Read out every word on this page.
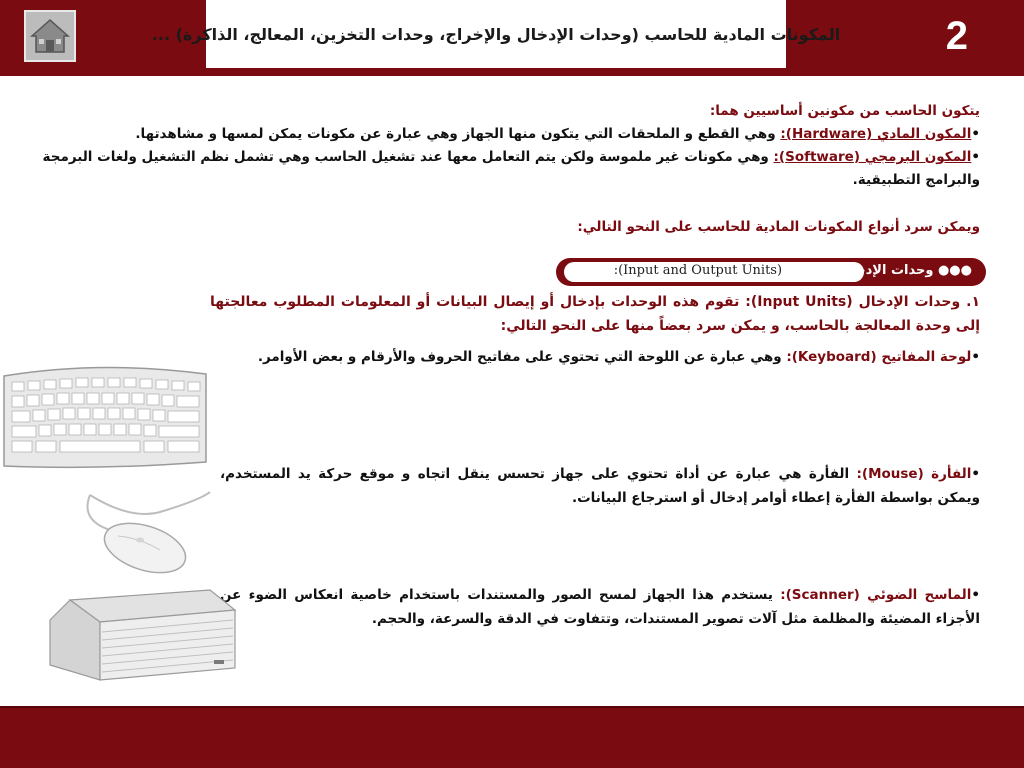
المكونات المادية للحاسب (وحدات الإدخال والإخراج، وحدات التخزين، المعالج، الذاكرة) ...	2

يتكون الحاسب من مكونين أساسيين هما:

•المكون المادي (Hardware): وهي القطع و الملحقات التي يتكون منها الجهاز وهي عبارة عن مكونات يمكن لمسها و مشاهدتها.

•المكون البرمجي (Software): وهي مكونات غير ملموسة ولكن يتم التعامل معها عند تشغيل الحاسب وهي تشمل نظم التشغيل ولغات البرمجة والبرامج التطبيقية.

ويمكن سرد أنواع المكونات المادية للحاسب على النحو التالي:

●●● وحدات الإدخال والإخراج(Input and Output Units):
١. وحدات الإدخال (Input Units): تقوم هذه الوحدات بإدخال أو إيصال البيانات أو المعلومات المطلوب معالجتها إلى وحدة المعالجة بالحاسب، و يمكن سرد بعضاً منها على النحو التالي:
•لوحة المفاتيح (Keyboard): وهي عبارة عن اللوحة التي تحتوي على مفاتيح الحروف والأرقام و بعض الأوامر.
•الفأرة (Mouse): الفأرة هي عبارة عن أداة تحتوي على جهاز تحسس ينقل اتجاه و موقع حركة يد المستخدم، ويمكن بواسطة الفأرة إعطاء أوامر إدخال أو استرجاع البيانات.
•الماسح الضوئي (Scanner): يستخدم هذا الجهاز لمسح الصور والمستندات باستخدام خاصية انعكاس الضوء عن الأجزاء المضيئة والمظلمة مثل آلات تصوير المستندات، وتتفاوت في الدقة والسرعة، والحجم.
